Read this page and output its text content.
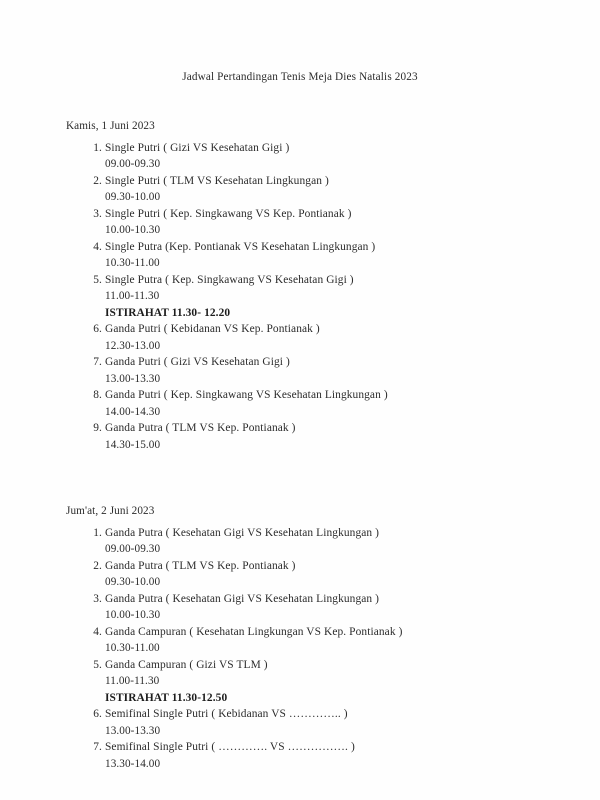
Jadwal Pertandingan Tenis Meja Dies Natalis 2023
Kamis, 1 Juni 2023
1. Single Putri ( Gizi VS Kesehatan Gigi )
09.00-09.30
2. Single Putri ( TLM VS Kesehatan Lingkungan )
09.30-10.00
3. Single Putri ( Kep. Singkawang VS Kep. Pontianak )
10.00-10.30
4. Single Putra (Kep. Pontianak VS Kesehatan Lingkungan )
10.30-11.00
5. Single Putra ( Kep. Singkawang VS Kesehatan Gigi )
11.00-11.30
ISTIRAHAT 11.30- 12.20
6. Ganda Putri ( Kebidanan VS Kep. Pontianak )
12.30-13.00
7. Ganda Putri ( Gizi VS Kesehatan Gigi )
13.00-13.30
8. Ganda Putri ( Kep. Singkawang VS Kesehatan Lingkungan )
14.00-14.30
9. Ganda Putra ( TLM VS Kep. Pontianak )
14.30-15.00
Jum'at, 2 Juni 2023
1. Ganda Putra ( Kesehatan Gigi VS Kesehatan Lingkungan )
09.00-09.30
2. Ganda Putra ( TLM VS Kep. Pontianak )
09.30-10.00
3. Ganda Putra ( Kesehatan Gigi VS Kesehatan Lingkungan )
10.00-10.30
4. Ganda Campuran ( Kesehatan Lingkungan VS Kep. Pontianak )
10.30-11.00
5. Ganda Campuran ( Gizi VS TLM )
11.00-11.30
ISTIRAHAT 11.30-12.50
6. Semifinal Single Putri ( Kebidanan VS ………….. )
13.00-13.30
7. Semifinal Single Putri ( …………. VS ……………. )
13.30-14.00
